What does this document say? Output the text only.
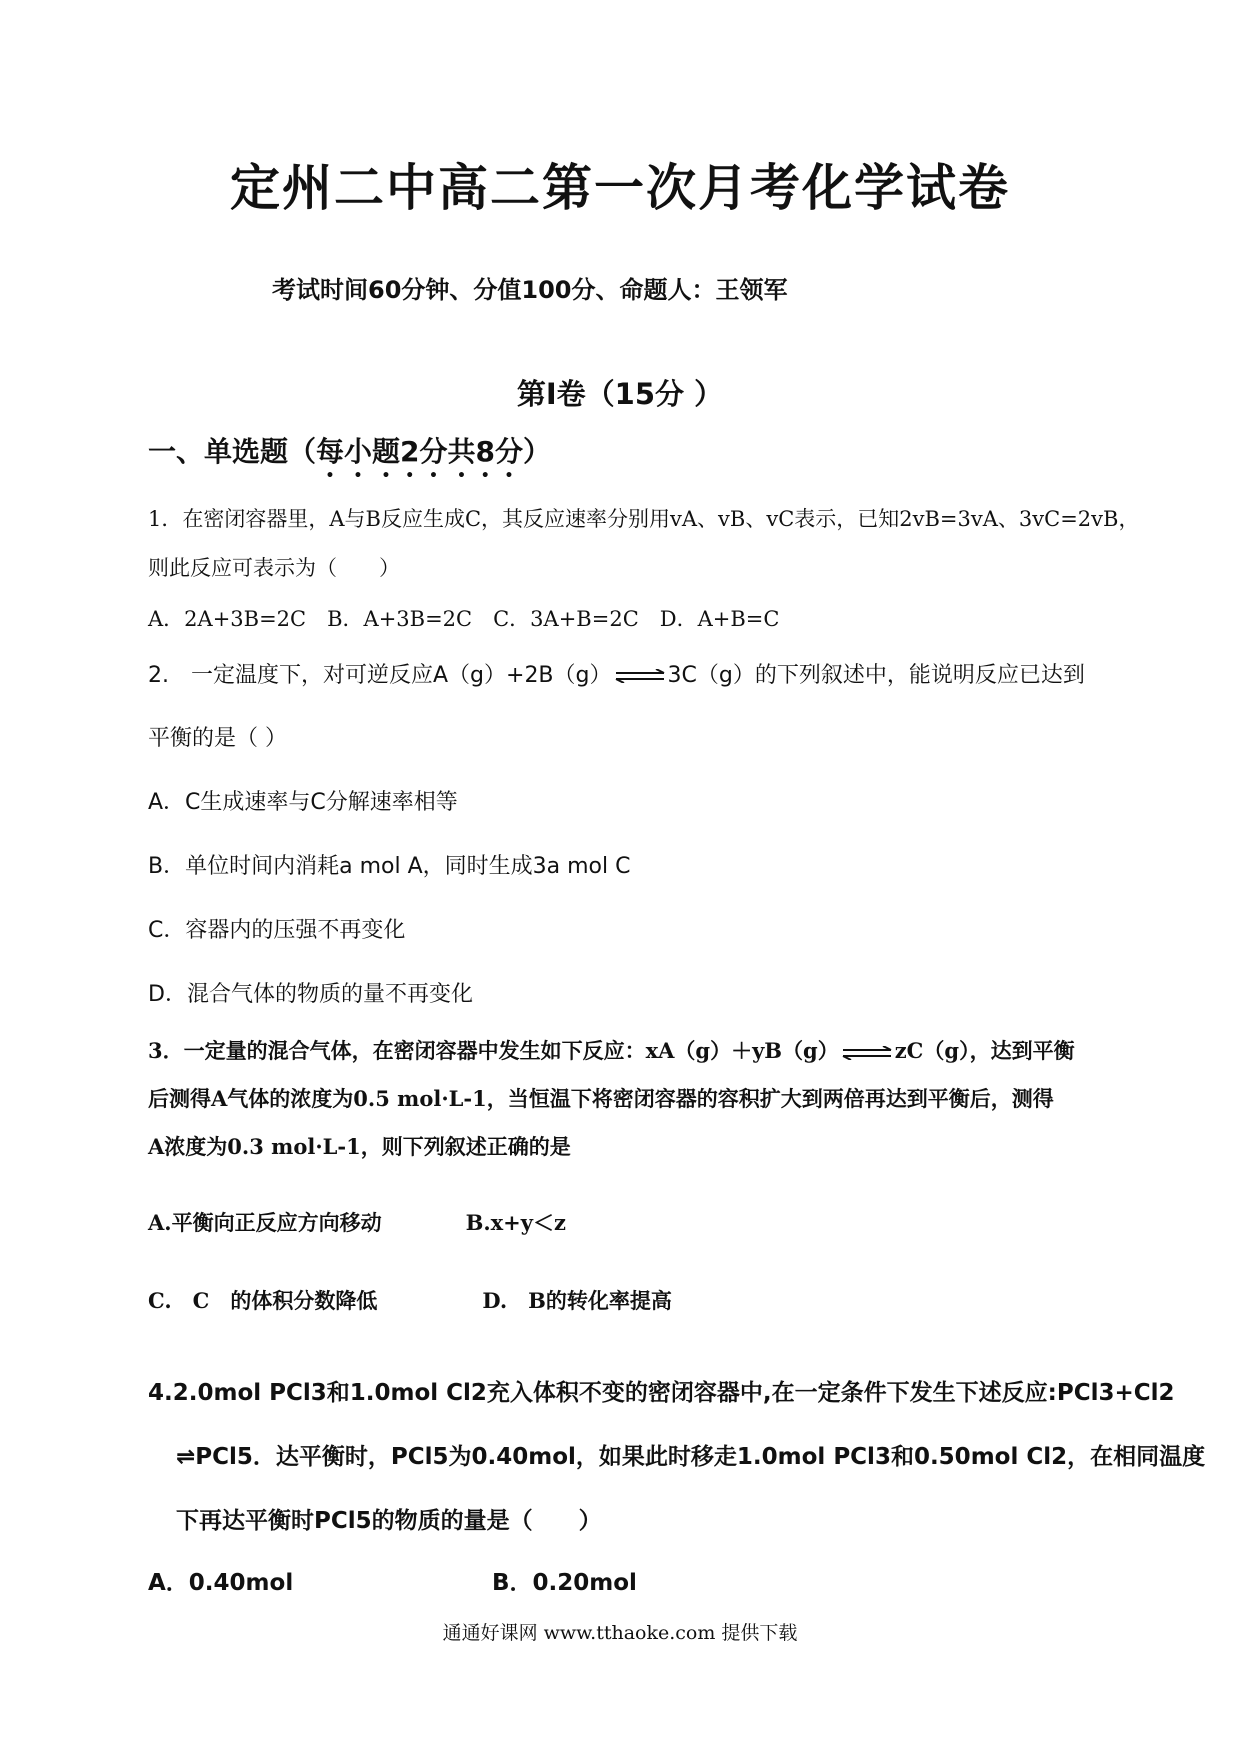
定州二中高二第一次月考化学试卷
考试时间60分钟、分值100分、命题人：王领军
第Ⅰ卷（15分 ）
一、单选题（每小题2分共8分）
1．在密闭容器里，A与B反应生成C，其反应速率分别用vA、vB、vC表示，已知2vB=3vA、3vC=2vB，
则此反应可表示为（　　）
A．2A+3B=2C　B．A+3B=2C　C．3A+B=2C　D．A+B=C
2.　一定温度下，对可逆反应A（g）+2B（g） ⇌ 3C（g）的下列叙述中，能说明反应已达到
平衡的是（ ）
A．C生成速率与C分解速率相等
B．单位时间内消耗a mol A，同时生成3a mol C
C．容器内的压强不再变化
D．混合气体的物质的量不再变化
3．一定量的混合气体，在密闭容器中发生如下反应：xA（g）＋yB（g） ⇌ zC（g），达到平衡
后测得A气体的浓度为0.5 mol·L-1，当恒温下将密闭容器的容积扩大到两倍再达到平衡后，测得
A浓度为0.3 mol·L-1，则下列叙述正确的是
A.平衡向正反应方向移动　　　　B.x+y＜z
C.　C　的体积分数降低　　　　　D.　B的转化率提高
4.2.0mol PCl3和1.0mol Cl2充入体积不变的密闭容器中,在一定条件下发生下述反应:PCl3+Cl2
⇌PCl5．达平衡时，PCl5为0.40mol，如果此时移走1.0mol PCl3和0.50mol Cl2，在相同温度
下再达平衡时PCl5的物质的量是（　　）
A．0.40mol	B．0.20mol
通通好课网 www.tthaoke.com 提供下载
